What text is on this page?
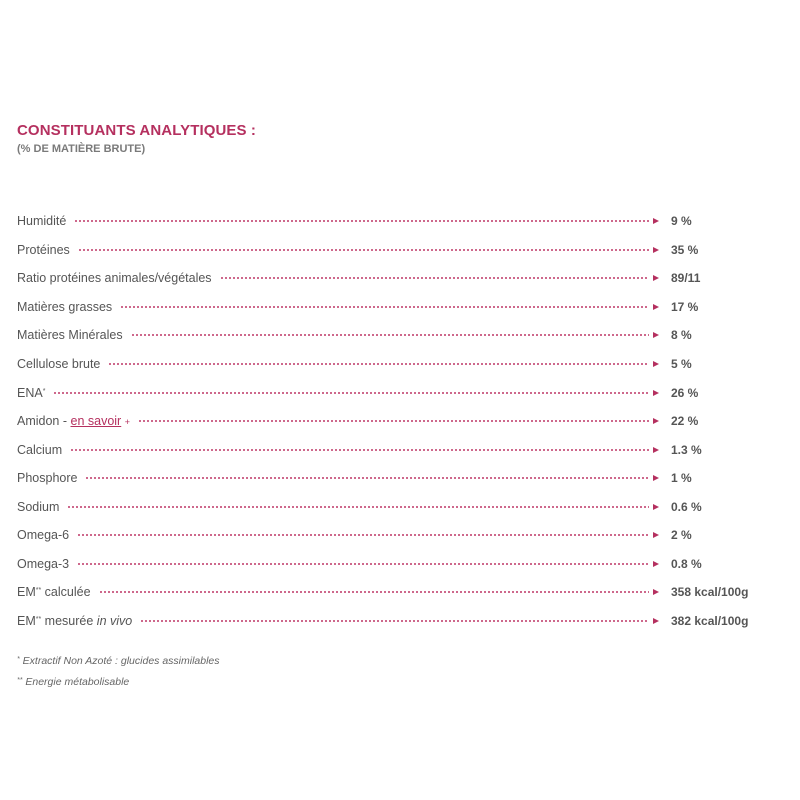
CONSTITUANTS ANALYTIQUES :

(% DE MATIÈRE BRUTE)

Humidité	9 %
Protéines	35 %
Ratio protéines animales/végétales	89/11
Matières grasses	17 %
Matières Minérales	8 %
Cellulose brute	5 %
ENA*	26 %
Amidon - en savoir +	22 %
Calcium	1.3 %
Phosphore	1 %
Sodium	0.6 %
Omega-6	2 %
Omega-3	0.8 %
EM** calculée	358 kcal/100g
EM** mesurée in vivo	382 kcal/100g

* Extractif Non Azoté : glucides assimilables

** Energie métabolisable
